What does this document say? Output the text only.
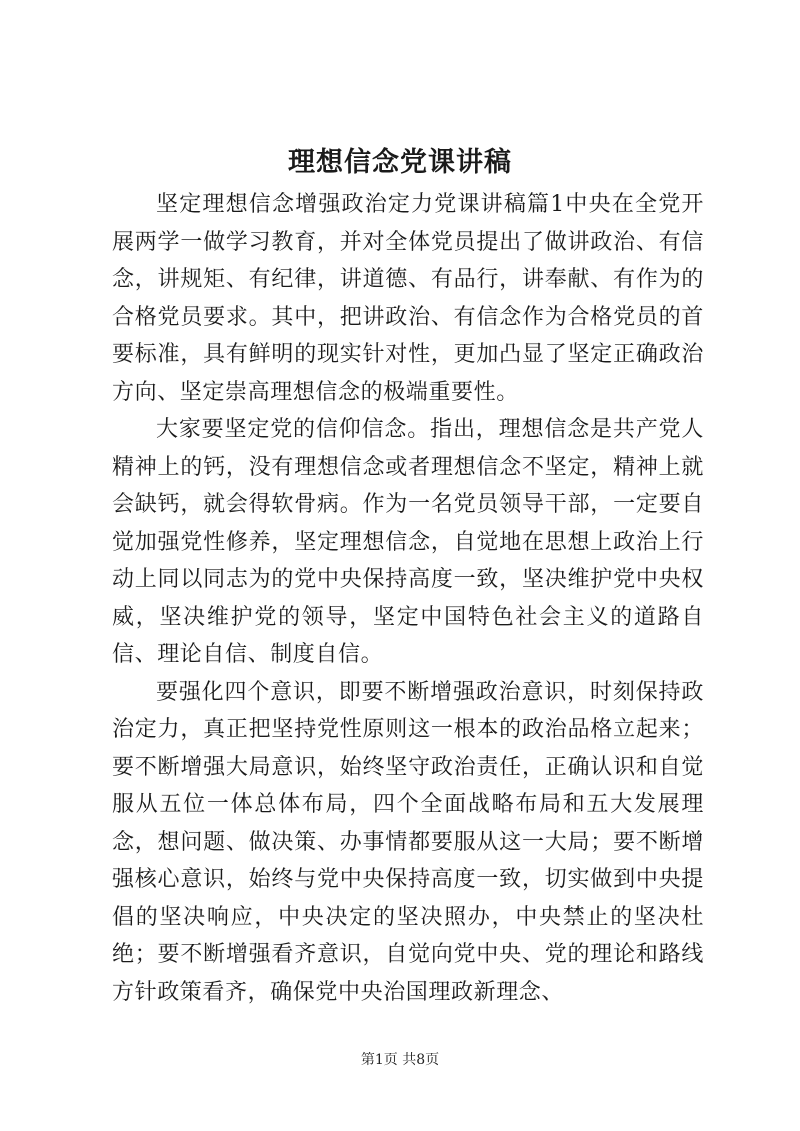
理想信念党课讲稿

坚定理想信念增强政治定力党课讲稿篇1中央在全党开展两学一做学习教育，并对全体党员提出了做讲政治、有信念，讲规矩、有纪律，讲道德、有品行，讲奉献、有作为的合格党员要求。其中，把讲政治、有信念作为合格党员的首要标准，具有鲜明的现实针对性，更加凸显了坚定正确政治方向、坚定崇高理想信念的极端重要性。

大家要坚定党的信仰信念。指出，理想信念是共产党人精神上的钙，没有理想信念或者理想信念不坚定，精神上就会缺钙，就会得软骨病。作为一名党员领导干部，一定要自觉加强党性修养，坚定理想信念，自觉地在思想上政治上行动上同以同志为的党中央保持高度一致，坚决维护党中央权威，坚决维护党的领导，坚定中国特色社会主义的道路自信、理论自信、制度自信。

要强化四个意识，即要不断增强政治意识，时刻保持政治定力，真正把坚持党性原则这一根本的政治品格立起来；要不断增强大局意识，始终坚守政治责任，正确认识和自觉服从五位一体总体布局，四个全面战略布局和五大发展理念，想问题、做决策、办事情都要服从这一大局；要不断增强核心意识，始终与党中央保持高度一致，切实做到中央提倡的坚决响应，中央决定的坚决照办，中央禁止的坚决杜绝；要不断增强看齐意识，自觉向党中央、党的理论和路线方针政策看齐，确保党中央治国理政新理念、

第1页 共8页
